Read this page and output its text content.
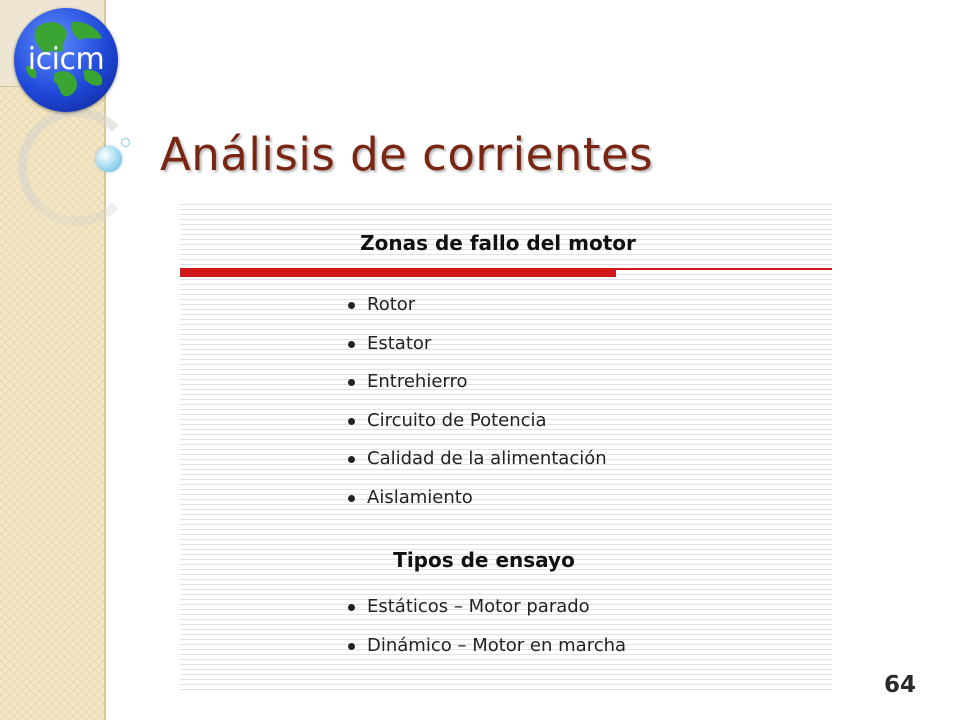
icicm
Análisis de corrientes
Zonas de fallo del motor
Rotor
Estator
Entrehierro
Circuito de Potencia
Calidad de la alimentación
Aislamiento
Tipos de ensayo
Estáticos – Motor parado
Dinámico – Motor en marcha
64
